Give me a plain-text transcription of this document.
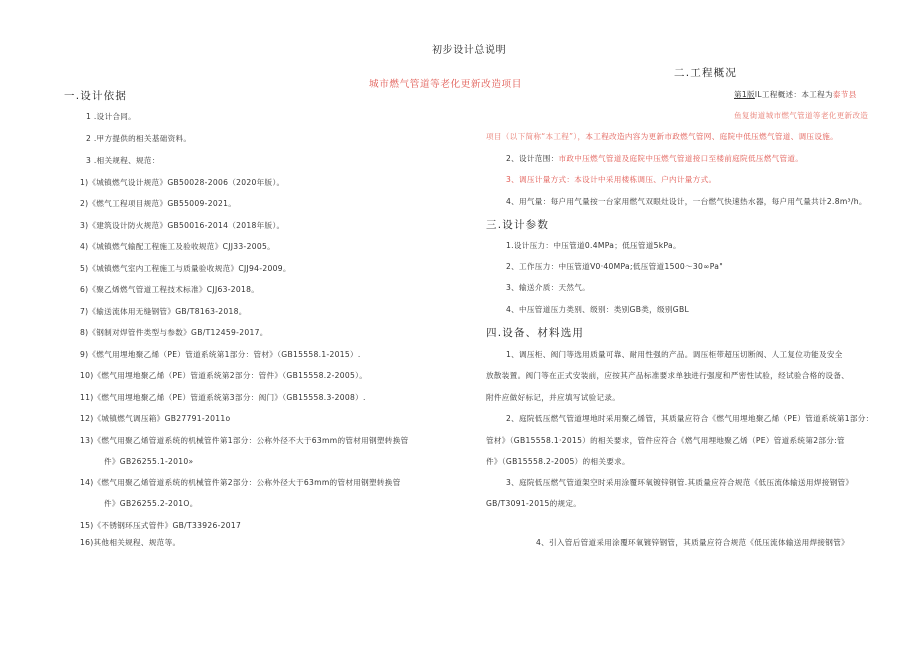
初步设计总说明
城市燃气管道等老化更新改造项目
一.设计依据
1 .设计合同。
2 .甲方提供的相关基础资料。
3 .相关规程、规范：
1)《城镇燃气设计规范》GB50028-2006（2020年版）。
2)《燃气工程项目规范》GB55009-2021。
3)《建筑设计防火规范》GB50016-2014（2018年版）。
4)《城镇燃气输配工程施工及验收规范》CJJ33-2005。
5)《城镇燃气室内工程施工与质量验收规范》CJJ94-2009。
6)《聚乙烯燃气管道工程技术标准》CJJ63-2018。
7)《输送流体用无缝钢管》GB/T8163-2018。
8)《钢制对焊管件类型与参数》GB/T12459-2017。
9)《燃气用埋地聚乙烯（PE）管道系统第1部分：管材》（GB15558.1-2015）.
10)《燃气用埋地聚乙烯（PE）管道系统第2部分：管件》（GB15558.2-2005）。
11)《燃气用埋地聚乙烯（PE）管道系统第3部分：阀门》（GB15558.3-2008）.
12)《城镇燃气调压箱》GB27791-2011o
13)《燃气用聚乙烯管道系统的机械管件第1部分：公称外径不大于63mm的管材用钢塑转换管
件》GB26255.1-2010»
14)《燃气用聚乙烯管道系统的机械管件第2部分：公称外径大于63mm的管材用钢塑转换管
件》GB26255.2-201O。
15)《不锈钢环压式管件》GB/T33926-2017
16)其他相关规程、规范等。
二.工程概况
第1版lL工程概述：本工程为泰节县
鱼复街道城市燃气管道等老化更新改造
项目（以下简称“本工程”），本工程改造内容为更新市政燃气管网、庭院中低压燃气管道、调压设施。
2、设计范围：市政中压燃气管道及庭院中压燃气管道接口至楼前庭院低压燃气管道。
3、调压计量方式：本设计中采用楼栋调压、户内计量方式。
4、用气量：每户用气量按一台家用燃气双眼灶设计，一台燃气快速热水器，每户用气量共计2.8m³/h。
三.设计参数
1.设计压力：中压管道0.4MPa；低压管道5kPa。
2、工作压力：中压管道V0·40MPa;低压管道1500～30∞Pa"
3、输送介质：天然气。
4、中压管道压力类别、级别：类别GB类，级别GBL
四.设备、材料选用
1、调压柜、阀门等选用质量可靠、耐用性强的产品。调压柜带超压切断阀、人工复位功能及安全
放散装置。阀门等在正式安装前，应按其产品标准要求单独进行强度和严密性试验，经试验合格的设备、
附件应做好标记，并应填写试验记录。
2、庭院低压燃气管道埋地时采用聚乙烯管，其质量应符合《燃气用埋地聚乙烯（PE）管道系统第1部分：
管材》（GB15558.1·2015）的相关要求，管件应符合《燃气用埋地聚乙烯（PE）管道系统第2部分:管
件》（GB15558.2-2005）的相关要求。
3、庭院低压燃气管道架空时采用涂覆环氧镀锌钢管.其质量应符合规范《低压流体输送用焊接钢管》
GB/T3091-2015的规定。
4、引入管后管道采用涂覆环氧镀锌钢管，其质量应符合规范《低压流体输送用焊接钢管》
